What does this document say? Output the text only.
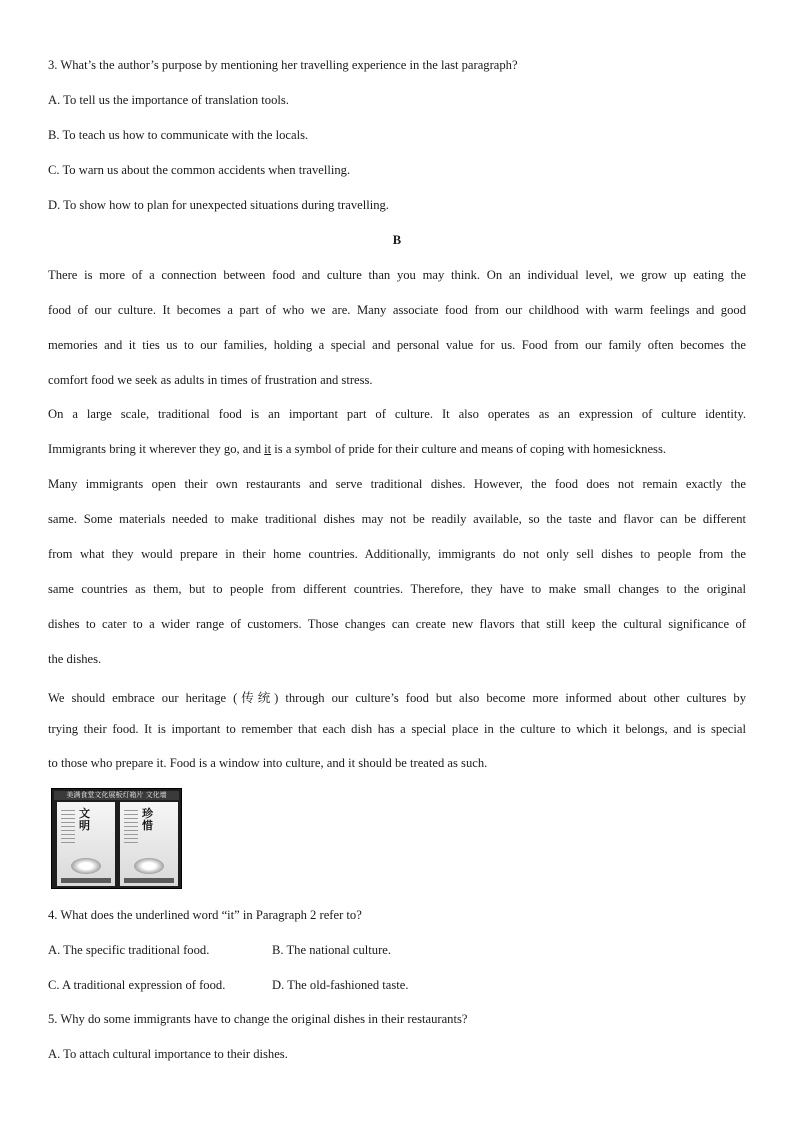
3. What’s the author’s purpose by mentioning her travelling experience in the last paragraph?
A. To tell us the importance of translation tools.
B. To teach us how to communicate with the locals.
C. To warn us about the common accidents when travelling.
D. To show how to plan for unexpected situations during travelling.
B
There is more of a connection between food and culture than you may think. On an individual level, we grow up eating the
food of our culture. It becomes a part of who we are. Many associate food from our childhood with warm feelings and good
memories and it ties us to our families, holding a special and personal value for us. Food from our family often becomes the
comfort food we seek as adults in times of frustration and stress.
On a large scale, traditional food is an important part of culture. It also operates as an expression of culture identity.
Immigrants bring it wherever they go, and it is a symbol of pride for their culture and means of coping with homesickness.
Many immigrants open their own restaurants and serve traditional dishes. However, the food does not remain exactly the
same. Some materials needed to make traditional dishes may not be readily available, so the taste and flavor can be different
from what they would prepare in their home countries. Additionally, immigrants do not only sell dishes to people from the
same countries as them, but to people from different countries. Therefore, they have to make small changes to the original
dishes to cater to a wider range of customers. Those changes can create new flavors that still keep the cultural significance of
the dishes.
We should embrace our heritage (传统) through our culture’s food but also become more informed about other cultures by
trying their food. It is important to remember that each dish has a special place in the culture to which it belongs, and is special
to those who prepare it. Food is a window into culture, and it should be treated as such.
美满食堂文化展板灯箱片 文化墙
文明
珍惜
4. What does the underlined word “it” in Paragraph 2 refer to?
A. The specific traditional food.	B. The national culture.
C. A traditional expression of food.	D. The old-fashioned taste.
5. Why do some immigrants have to change the original dishes in their restaurants?
A. To attach cultural importance to their dishes.
